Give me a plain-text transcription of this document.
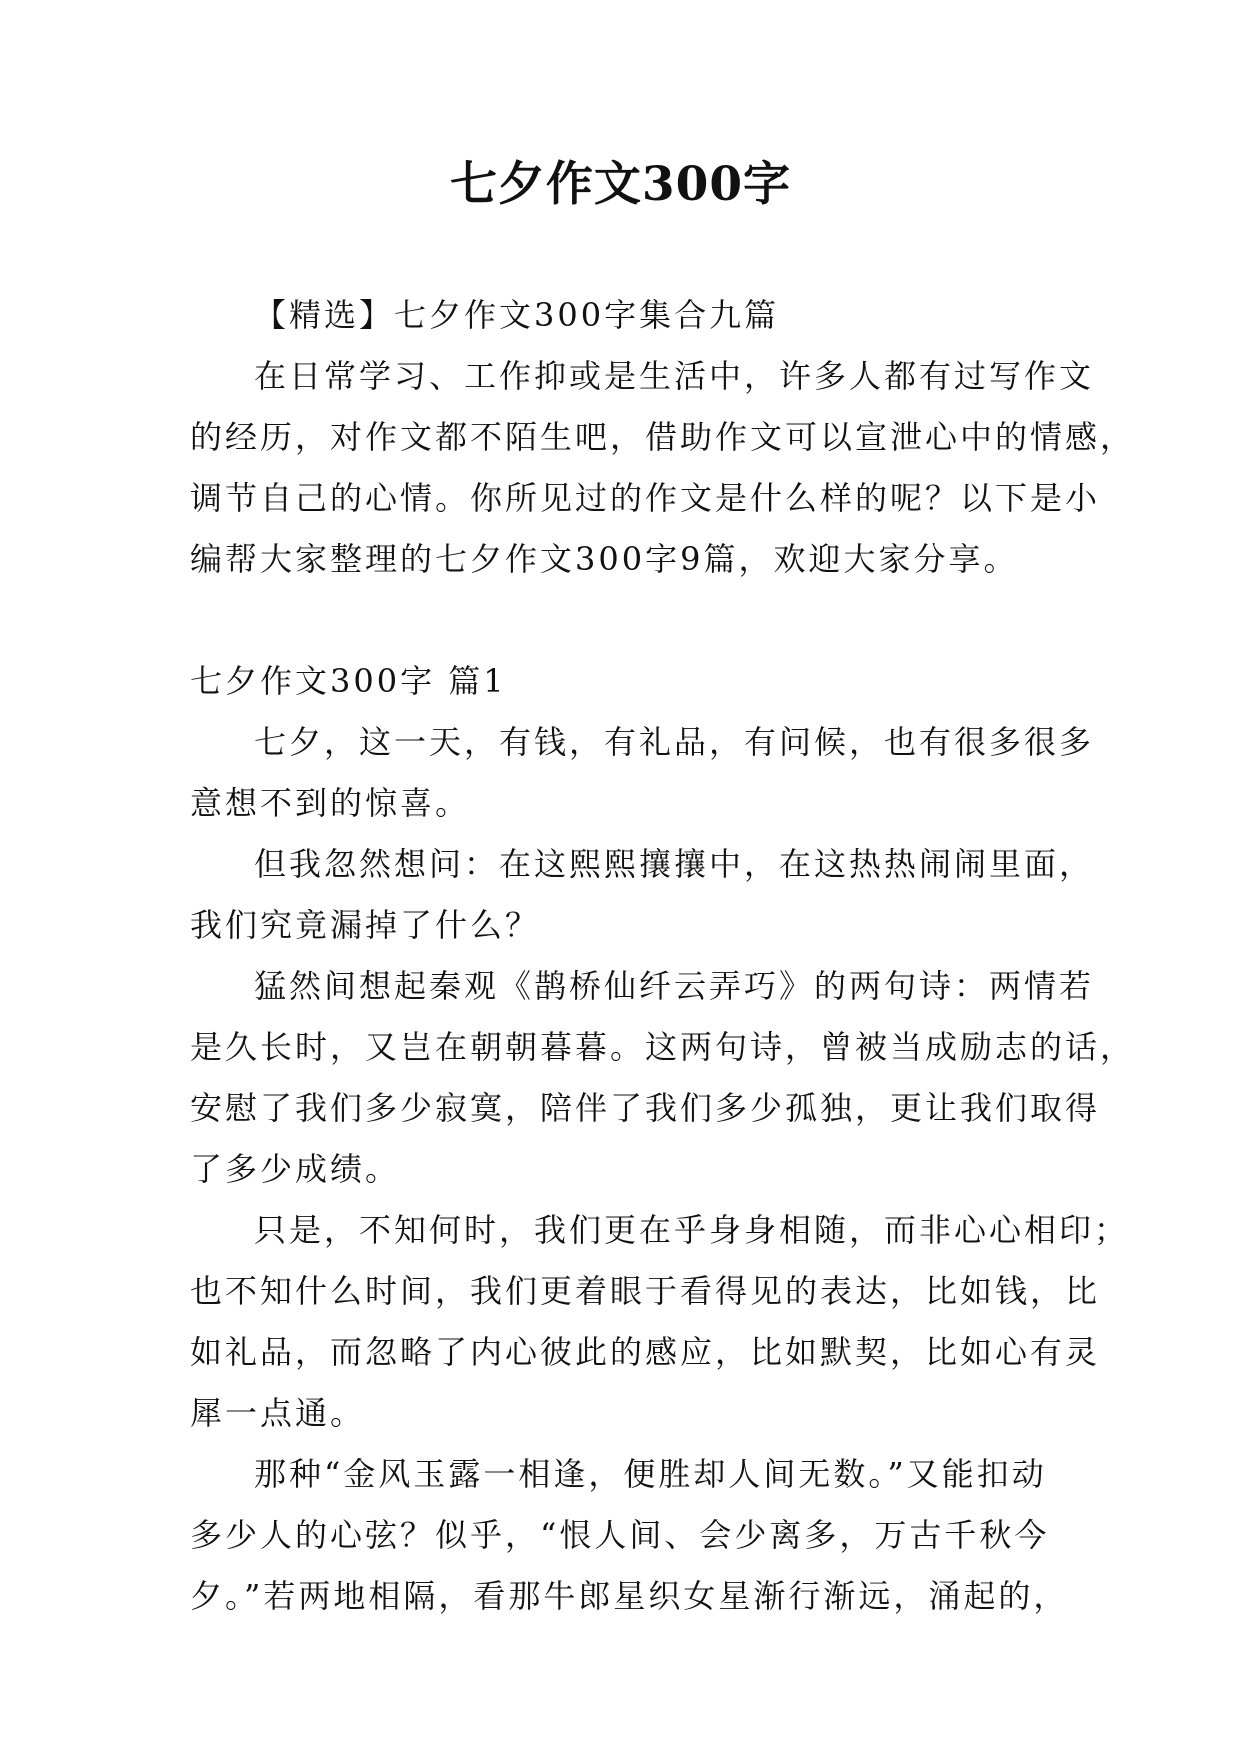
七夕作文300字
【精选】七夕作文300字集合九篇
在日常学习、工作抑或是生活中，许多人都有过写作文
的经历，对作文都不陌生吧，借助作文可以宣泄心中的情感，
调节自己的心情。你所见过的作文是什么样的呢？以下是小
编帮大家整理的七夕作文300字9篇，欢迎大家分享。
七夕作文300字 篇1
七夕，这一天，有钱，有礼品，有问候，也有很多很多
意想不到的惊喜。
但我忽然想问：在这熙熙攘攘中，在这热热闹闹里面，
我们究竟漏掉了什么？
猛然间想起秦观《鹊桥仙纤云弄巧》的两句诗：两情若
是久长时，又岂在朝朝暮暮。这两句诗，曾被当成励志的话，
安慰了我们多少寂寞，陪伴了我们多少孤独，更让我们取得
了多少成绩。
只是，不知何时，我们更在乎身身相随，而非心心相印；
也不知什么时间，我们更着眼于看得见的表达，比如钱，比
如礼品，而忽略了内心彼此的感应，比如默契，比如心有灵
犀一点通。
那种“金风玉露一相逢，便胜却人间无数。”又能扣动
多少人的心弦？似乎，“恨人间、会少离多，万古千秋今
夕。”若两地相隔，看那牛郎星织女星渐行渐远，涌起的，
